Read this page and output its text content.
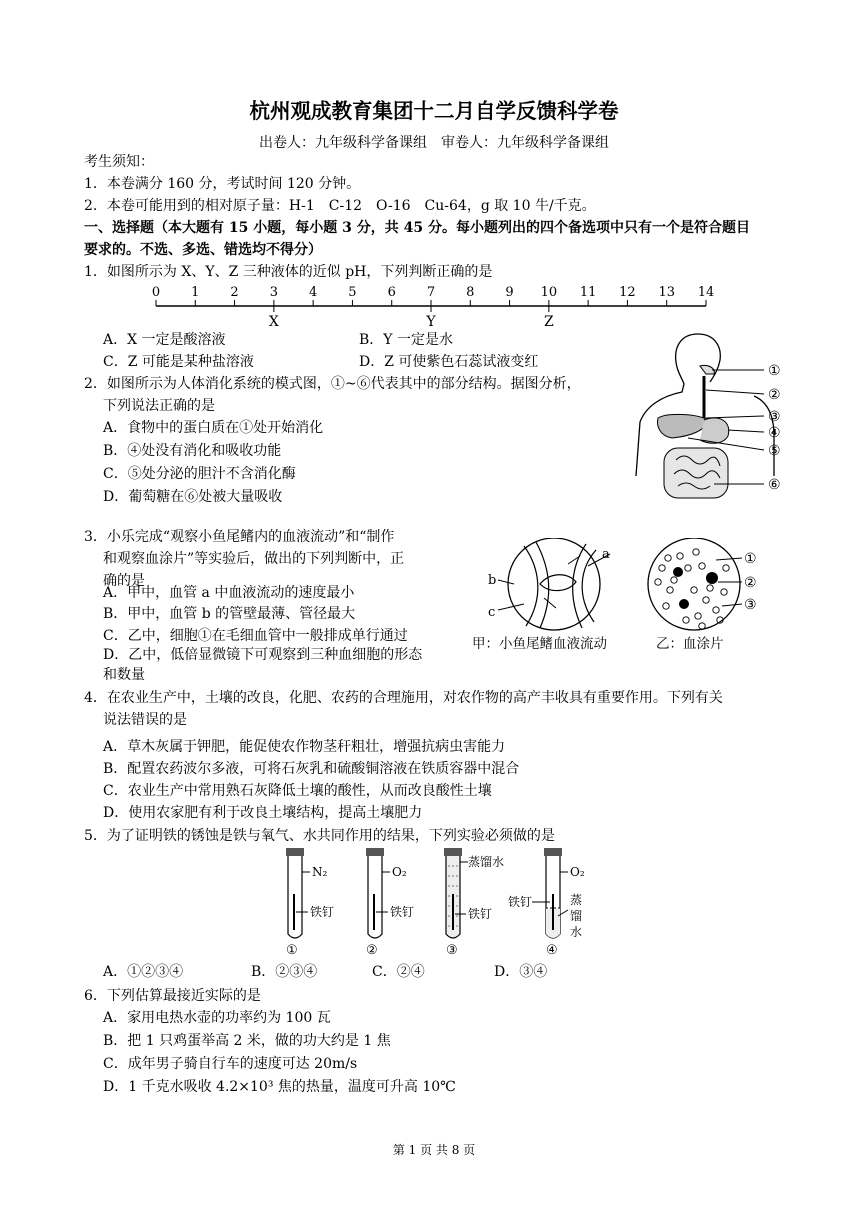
杭州观成教育集团十二月自学反馈科学卷
出卷人：九年级科学备课组　审卷人：九年级科学备课组
考生须知：
1．本卷满分 160 分，考试时间 120 分钟。
2．本卷可能用到的相对原子量：H-1　C-12　O-16　Cu-64，g 取 10 牛/千克。
一、选择题（本大题有 15 小题，每小题 3 分，共 45 分。每小题列出的四个备选项中只有一个是符合题目
要求的。不选、多选、错选均不得分）
1．如图所示为 X、Y、Z 三种液体的近似 pH，下列判断正确的是
0 1 2 3 4 5 6 7 8 9 10 11 12 13 14
X	Y	Z
A．X 一定是酸溶液	B．Y 一定是水
C．Z 可能是某种盐溶液	D．Z 可使紫色石蕊试液变红
2．如图所示为人体消化系统的模式图，①~⑥代表其中的部分结构。据图分析，
下列说法正确的是
A．食物中的蛋白质在①处开始消化
B．④处没有消化和吸收功能
C．⑤处分泌的胆汁不含消化酶
D．葡萄糖在⑥处被大量吸收
①
②
③
④
⑤
⑥
3．小乐完成“观察小鱼尾鳍内的血液流动”和“制作
和观察血涂片”等实验后，做出的下列判断中，正
确的是
A．甲中，血管 a 中血液流动的速度最小
B．甲中，血管 b 的管壁最薄、管径最大
C．乙中，细胞①在毛细血管中一般排成单行通过
D．乙中，低倍显微镜下可观察到三种血细胞的形态
和数量
a
b
c
甲：小鱼尾鳍血液流动
①
②
③
乙：血涂片
4．在农业生产中，土壤的改良，化肥、农药的合理施用，对农作物的高产丰收具有重要作用。下列有关
说法错误的是
A．草木灰属于钾肥，能促使农作物茎秆粗壮，增强抗病虫害能力
B．配置农药波尔多液，可将石灰乳和硫酸铜溶液在铁质容器中混合
C．农业生产中常用熟石灰降低土壤的酸性，从而改良酸性土壤
D．使用农家肥有利于改良土壤结构，提高土壤肥力
5．为了证明铁的锈蚀是铁与氧气、水共同作用的结果，下列实验必须做的是
N₂
铁钉
①
O₂
铁钉
②
蒸馏水
铁钉
③
O₂
铁钉	蒸
馏
水
④
A．①②③④	B．②③④	C．②④	D．③④
6．下列估算最接近实际的是
A．家用电热水壶的功率约为 100 瓦
B．把 1 只鸡蛋举高 2 米，做的功大约是 1 焦
C．成年男子骑自行车的速度可达 20m/s
D．1 千克水吸收 4.2×10³ 焦的热量，温度可升高 10℃
第 1 页 共 8 页
